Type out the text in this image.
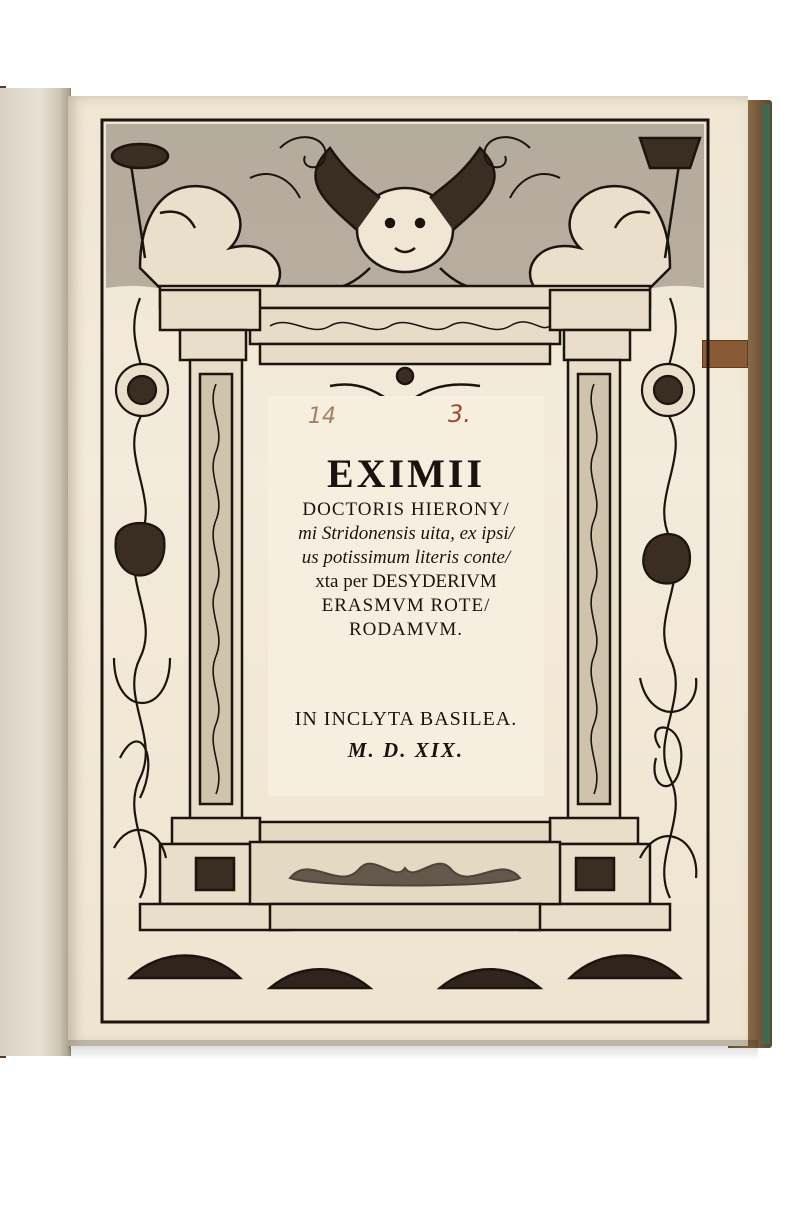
14	3.
EXIMII
DOCTORIS HIERONY/
mi Stridonensis uita, ex ipsi/
us potissimum literis conte/
xta per DESYDERIVM
ERASMVM ROTE/
RODAMVM.
IN INCLYTA BASILEA.
M. D. XIX.
